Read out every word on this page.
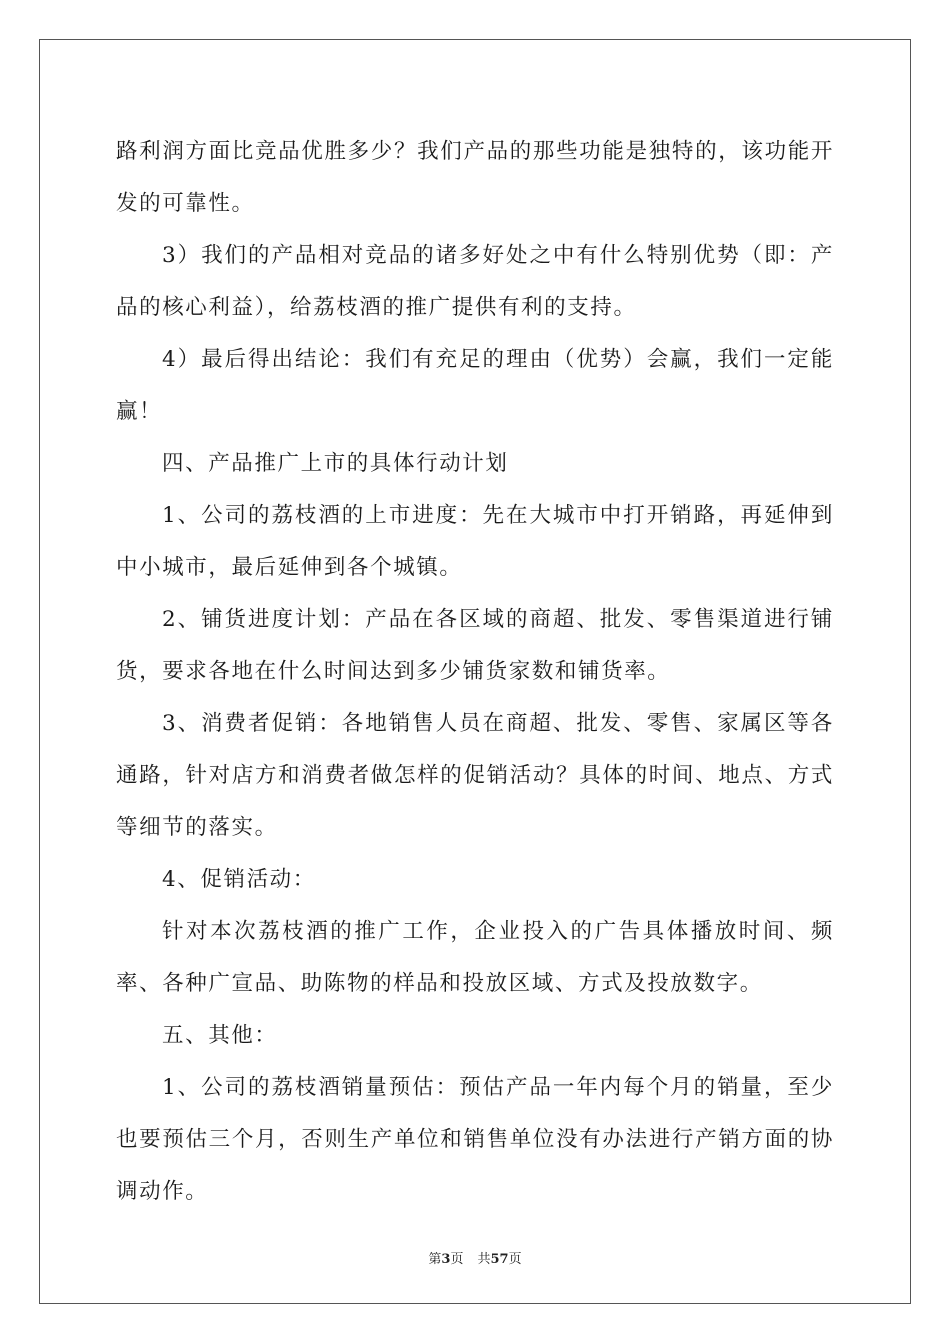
路利润方面比竞品优胜多少？我们产品的那些功能是独特的，该功能开发的可靠性。

3）我们的产品相对竞品的诸多好处之中有什么特别优势（即：产品的核心利益），给荔枝酒的推广提供有利的支持。

4）最后得出结论：我们有充足的理由（优势）会赢，我们一定能赢！

四、产品推广上市的具体行动计划

1、公司的荔枝酒的上市进度：先在大城市中打开销路，再延伸到中小城市，最后延伸到各个城镇。

2、铺货进度计划：产品在各区域的商超、批发、零售渠道进行铺货，要求各地在什么时间达到多少铺货家数和铺货率。

3、消费者促销：各地销售人员在商超、批发、零售、家属区等各通路，针对店方和消费者做怎样的促销活动？具体的时间、地点、方式等细节的落实。

4、促销活动：

针对本次荔枝酒的推广工作，企业投入的广告具体播放时间、频率、各种广宣品、助陈物的样品和投放区域、方式及投放数字。

五、其他：

1、公司的荔枝酒销量预估：预估产品一年内每个月的销量，至少也要预估三个月，否则生产单位和销售单位没有办法进行产销方面的协调动作。

第3页 共57页
